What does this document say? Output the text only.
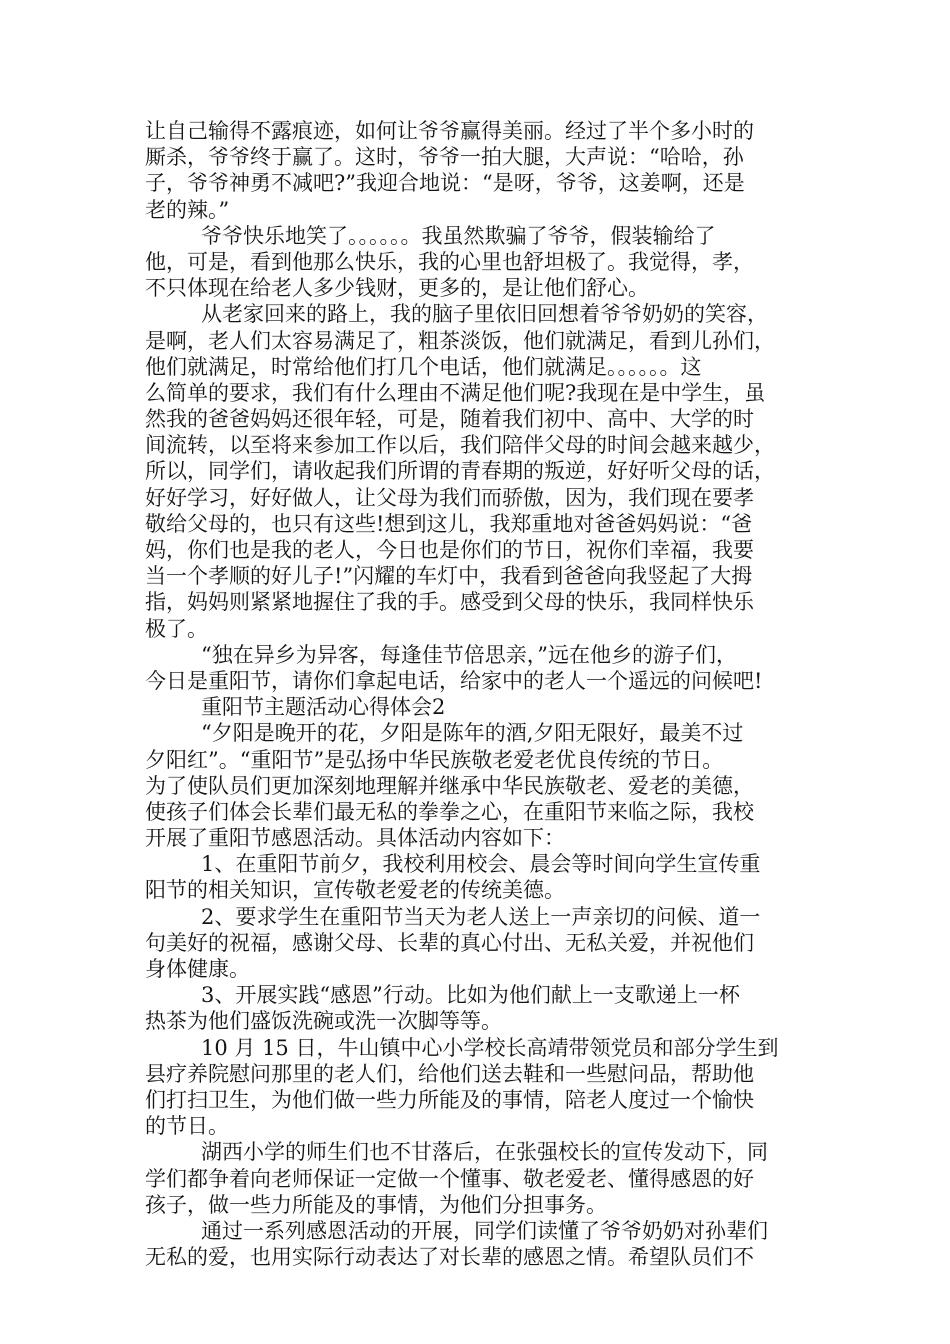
让自己输得不露痕迹，如何让爷爷赢得美丽。经过了半个多小时的
厮杀，爷爷终于赢了。这时，爷爷一拍大腿，大声说：“哈哈，孙
子，爷爷神勇不减吧?”我迎合地说：“是呀，爷爷，这姜啊，还是
老的辣。”
爷爷快乐地笑了。。。。。。我虽然欺骗了爷爷，假装输给了
他，可是，看到他那么快乐，我的心里也舒坦极了。我觉得，孝，
不只体现在给老人多少钱财，更多的，是让他们舒心。
从老家回来的路上，我的脑子里依旧回想着爷爷奶奶的笑容，
是啊，老人们太容易满足了，粗茶淡饭，他们就满足，看到儿孙们，
他们就满足，时常给他们打几个电话，他们就满足。。。。。。这
么简单的要求，我们有什么理由不满足他们呢?我现在是中学生，虽
然我的爸爸妈妈还很年轻，可是，随着我们初中、高中、大学的时
间流转，以至将来参加工作以后，我们陪伴父母的时间会越来越少，
所以，同学们，请收起我们所谓的青春期的叛逆，好好听父母的话，
好好学习，好好做人，让父母为我们而骄傲，因为，我们现在要孝
敬给父母的，也只有这些!想到这儿，我郑重地对爸爸妈妈说：“爸
妈，你们也是我的老人，今日也是你们的节日，祝你们幸福，我要
当一个孝顺的好儿子!”闪耀的车灯中，我看到爸爸向我竖起了大拇
指，妈妈则紧紧地握住了我的手。感受到父母的快乐，我同样快乐
极了。
“独在异乡为异客，每逢佳节倍思亲，”远在他乡的游子们，
今日是重阳节，请你们拿起电话，给家中的老人一个遥远的问候吧!
重阳节主题活动心得体会2
“夕阳是晚开的花，夕阳是陈年的酒,夕阳无限好，最美不过
夕阳红”。“重阳节”是弘扬中华民族敬老爱老优良传统的节日。
为了使队员们更加深刻地理解并继承中华民族敬老、爱老的美德，
使孩子们体会长辈们最无私的拳拳之心，在重阳节来临之际，我校
开展了重阳节感恩活动。具体活动内容如下：
1、在重阳节前夕，我校利用校会、晨会等时间向学生宣传重
阳节的相关知识，宣传敬老爱老的传统美德。
2、要求学生在重阳节当天为老人送上一声亲切的问候、道一
句美好的祝福，感谢父母、长辈的真心付出、无私关爱，并祝他们
身体健康。
3、开展实践“感恩”行动。比如为他们献上一支歌递上一杯
热茶为他们盛饭洗碗或洗一次脚等等。
10 月 15 日，牛山镇中心小学校长高靖带领党员和部分学生到
县疗养院慰问那里的老人们，给他们送去鞋和一些慰问品，帮助他
们打扫卫生，为他们做一些力所能及的事情，陪老人度过一个愉快
的节日。
湖西小学的师生们也不甘落后，在张强校长的宣传发动下，同
学们都争着向老师保证一定做一个懂事、敬老爱老、懂得感恩的好
孩子，做一些力所能及的事情，为他们分担事务。
通过一系列感恩活动的开展，同学们读懂了爷爷奶奶对孙辈们
无私的爱，也用实际行动表达了对长辈的感恩之情。希望队员们不
